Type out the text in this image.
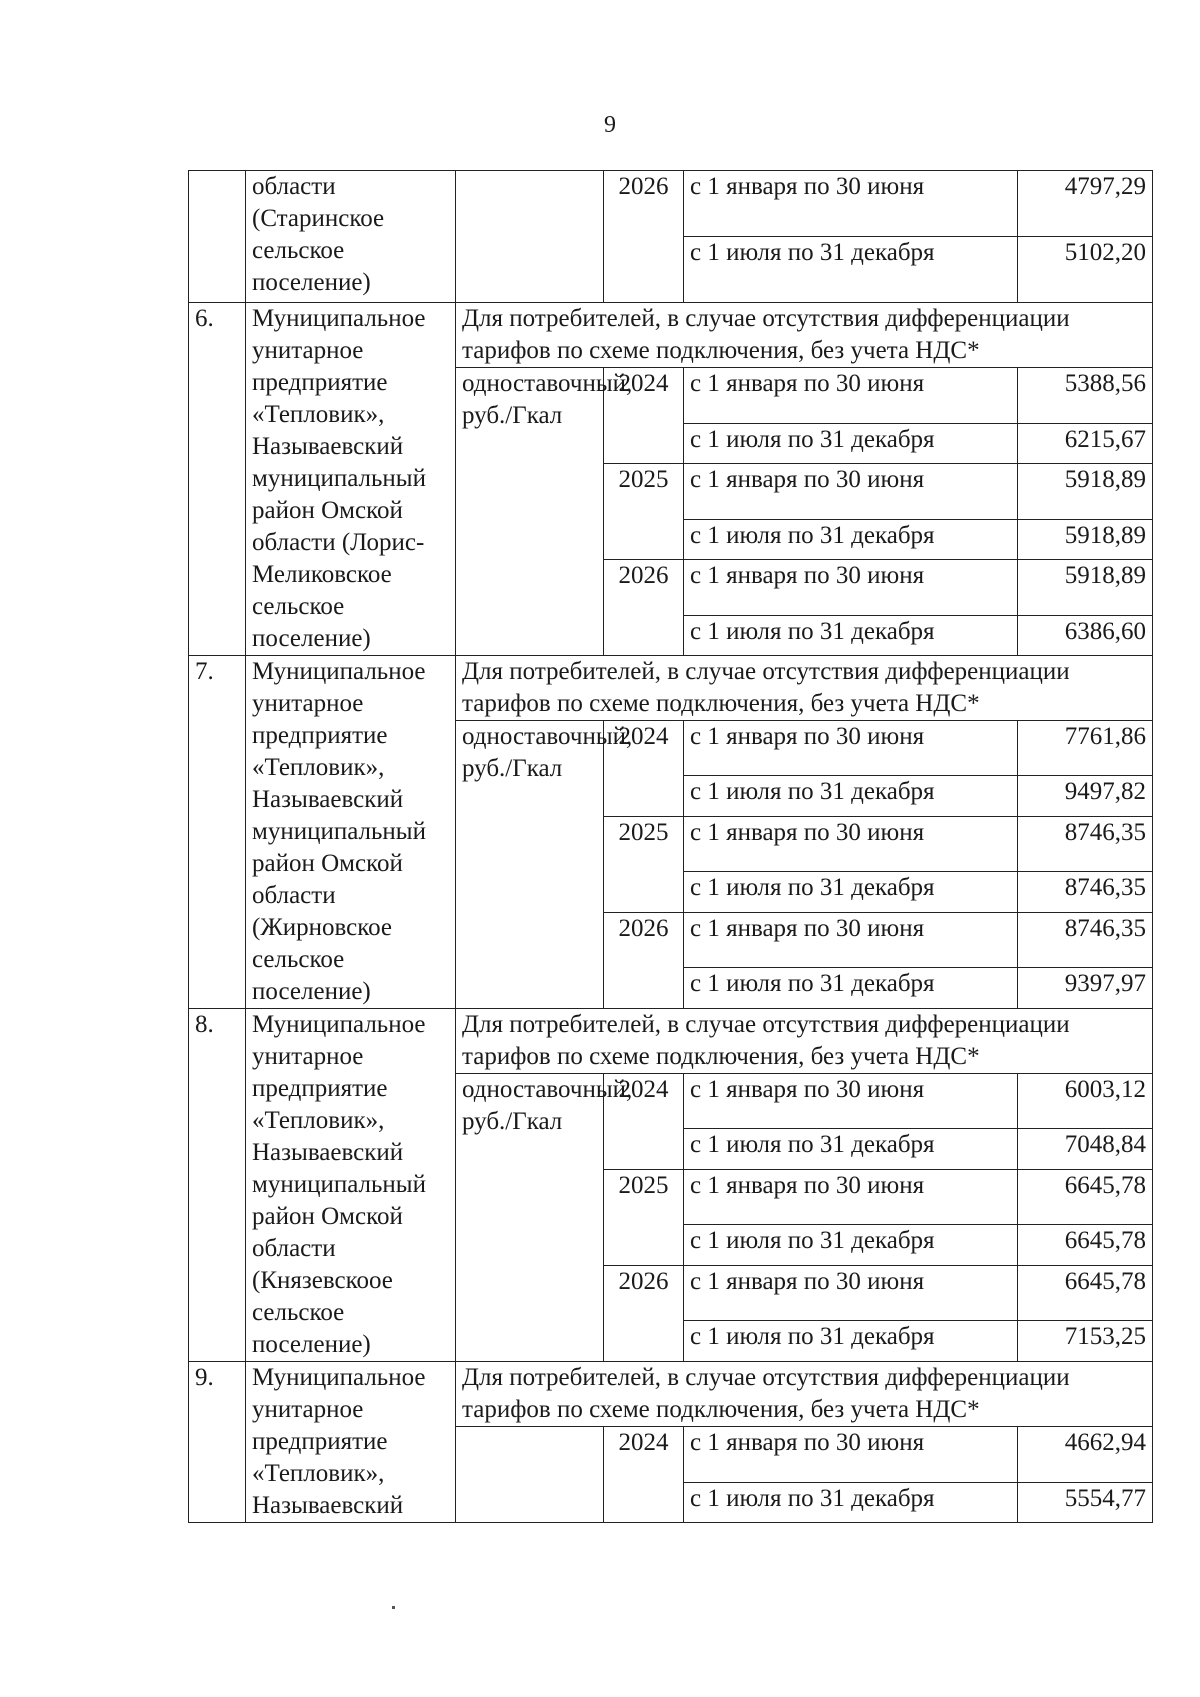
9
	области (Старинское сельское поселение)		2026	с 1 января по 30 июня	4797,29
				с 1 июля по 31 декабря	5102,20
6.	Муниципальное унитарное предприятие «Тепловик», Называевский муниципальный район Омской области (Лорис-Меликовское сельское поселение)	Для потребителей, в случае отсутствия дифференциации тарифов по схеме подключения, без учета НДС*			
		одноставочный, руб./Гкал	2024	с 1 января по 30 июня	5388,56
				с 1 июля по 31 декабря	6215,67
			2025	с 1 января по 30 июня	5918,89
				с 1 июля по 31 декабря	5918,89
			2026	с 1 января по 30 июня	5918,89
				с 1 июля по 31 декабря	6386,60
7.	Муниципальное унитарное предприятие «Тепловик», Называевский муниципальный район Омской области (Жирновское сельское поселение)	Для потребителей, в случае отсутствия дифференциации тарифов по схеме подключения, без учета НДС*			
		одноставочный, руб./Гкал	2024	с 1 января по 30 июня	7761,86
				с 1 июля по 31 декабря	9497,82
			2025	с 1 января по 30 июня	8746,35
				с 1 июля по 31 декабря	8746,35
			2026	с 1 января по 30 июня	8746,35
				с 1 июля по 31 декабря	9397,97
8.	Муниципальное унитарное предприятие «Тепловик», Называевский муниципальный район Омской области (Князевскоое сельское поселение)	Для потребителей, в случае отсутствия дифференциации тарифов по схеме подключения, без учета НДС*			
		одноставочный, руб./Гкал	2024	с 1 января по 30 июня	6003,12
				с 1 июля по 31 декабря	7048,84
			2025	с 1 января по 30 июня	6645,78
				с 1 июля по 31 декабря	6645,78
			2026	с 1 января по 30 июня	6645,78
				с 1 июля по 31 декабря	7153,25
9.	Муниципальное унитарное предприятие «Тепловик», Называевский	Для потребителей, в случае отсутствия дифференциации тарифов по схеме подключения, без учета НДС*			
			2024	с 1 января по 30 июня	4662,94
				с 1 июля по 31 декабря	5554,77
